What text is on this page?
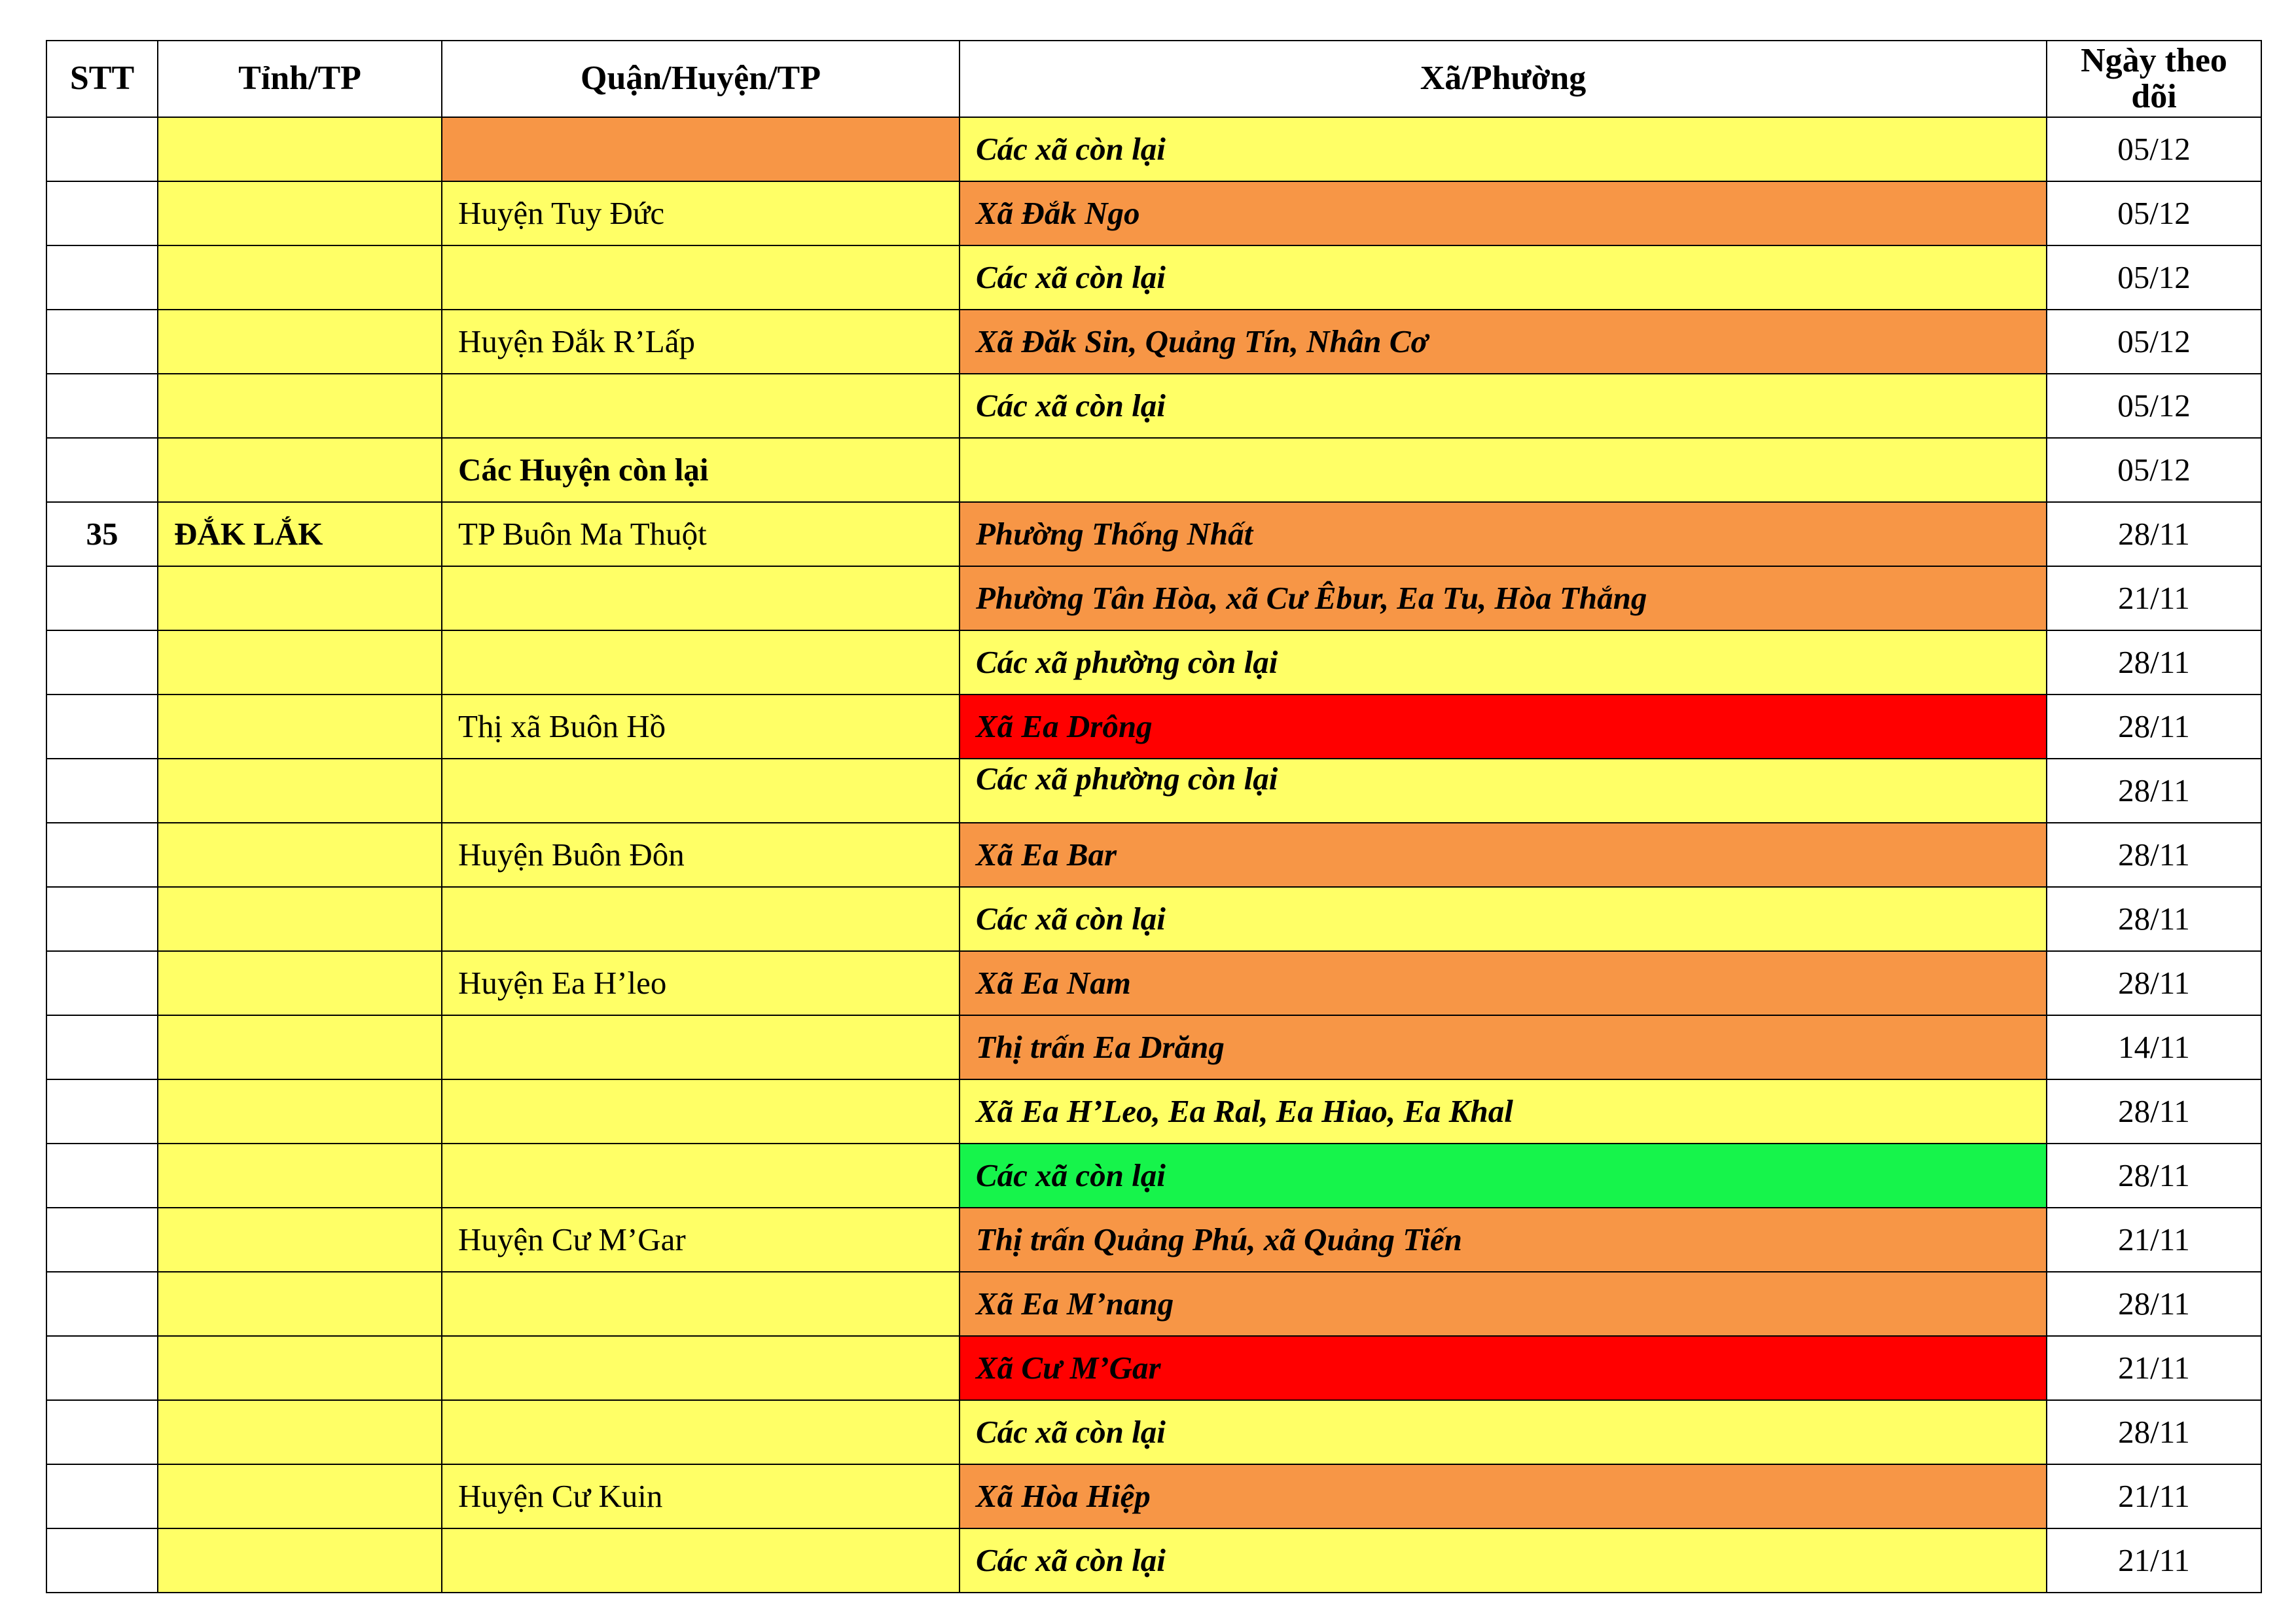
STT	Tỉnh/TP	Quận/Huyện/TP	Xã/Phường	Ngày theo dõi
			Các xã còn lại	05/12
		Huyện Tuy Đức	Xã Đắk Ngo	05/12
			Các xã còn lại	05/12
		Huyện Đắk R’Lấp	Xã Đăk Sin, Quảng Tín, Nhân Cơ	05/12
			Các xã còn lại	05/12
		Các Huyện còn lại		05/12
35	ĐẮK LẮK	TP Buôn Ma Thuột	Phường Thống Nhất	28/11
			Phường Tân Hòa, xã Cư Êbur, Ea Tu, Hòa Thắng	21/11
			Các xã phường còn lại	28/11
		Thị xã Buôn Hồ	Xã Ea Drông	28/11
			Các xã phường còn lại	28/11
		Huyện Buôn Đôn	Xã Ea Bar	28/11
			Các xã còn lại	28/11
		Huyện Ea H’leo	Xã Ea Nam	28/11
			Thị trấn Ea Drăng	14/11
			Xã Ea H’Leo, Ea Ral, Ea Hiao, Ea Khal	28/11
			Các xã còn lại	28/11
		Huyện Cư M’Gar	Thị trấn Quảng Phú, xã Quảng Tiến	21/11
			Xã Ea M’nang	28/11
			Xã Cư M’Gar	21/11
			Các xã còn lại	28/11
		Huyện Cư Kuin	Xã Hòa Hiệp	21/11
			Các xã còn lại	21/11
